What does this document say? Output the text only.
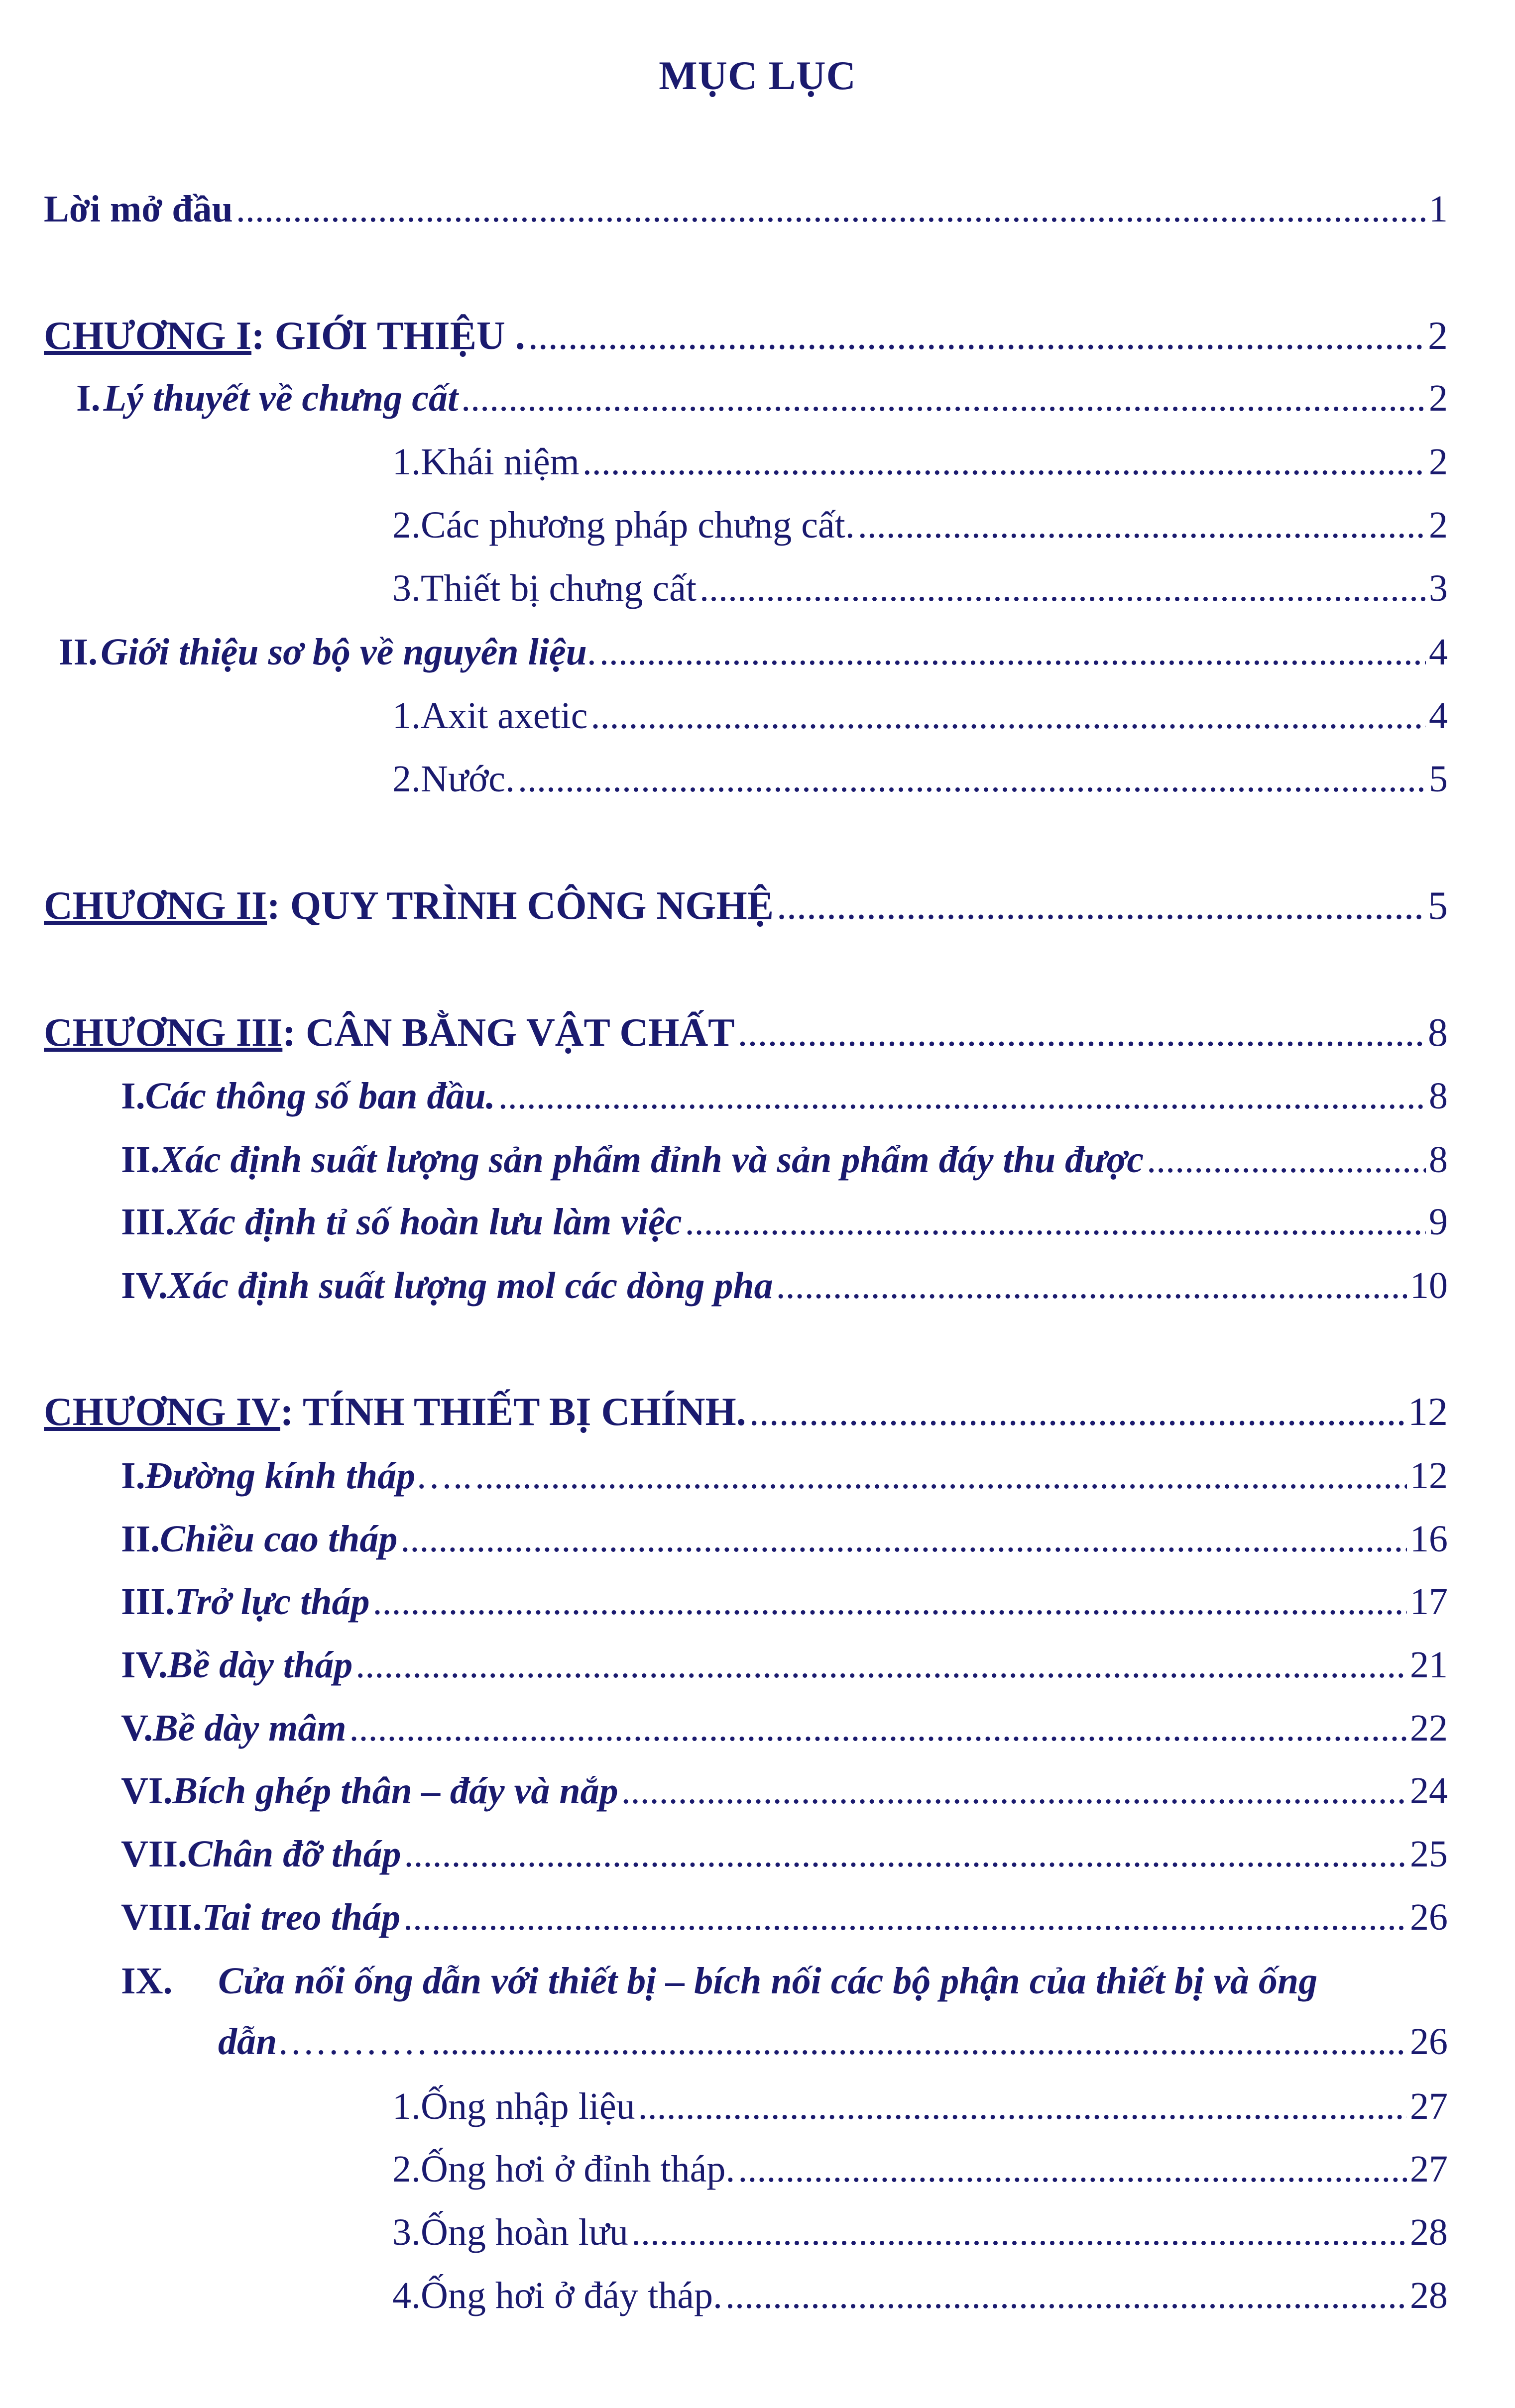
MỤC LỤC
Lời mở đầu .....	1
CHƯƠNG I : GIỚI THIỆU . .....	2
I. Lý thuyết về chưng cất .....	2
1. Khái niệm .....	2
2. Các phương pháp chưng cất. .....	2
3. Thiết bị chưng cất .....	3
II. Giới thiệu sơ bộ về nguyên liệu . .....	4
1. Axit axetic .....	4
2. Nước. .....	5
CHƯƠNG II : QUY TRÌNH CÔNG NGHỆ .....	5
CHƯƠNG III : CÂN BẰNG VẬT CHẤT .....	8
I. Các thông số ban đầu. .....	8
II. Xác định suất lượng sản phẩm đỉnh và sản phẩm đáy thu được .....	8
III. Xác định tỉ số hoàn lưu làm việc .....	9
IV. Xác định suất lượng mol các dòng pha .....	10
CHƯƠNG IV : TÍNH THIẾT BỊ CHÍNH. .....	12
I. Đường kính tháp ….. .....	12
II. Chiều cao tháp .....	16
III. Trở lực tháp .....	17
IV. Bề dày tháp .....	21
V. Bề dày mâm .....	22
VI. Bích ghép thân – đáy và nắp .....	24
VII. Chân đỡ tháp .....	25
VIII. Tai treo tháp .....	26
IX.	Cửa nối ống dẫn với thiết bị – bích nối các bộ phận của thiết bị và ống
dẫn ………… .....	26
1. Ống nhập liệu .....	27
2. Ống hơi ở đỉnh tháp. .....	27
3. Ống hoàn lưu .....	28
4. Ống hơi ở đáy tháp. .....	28
